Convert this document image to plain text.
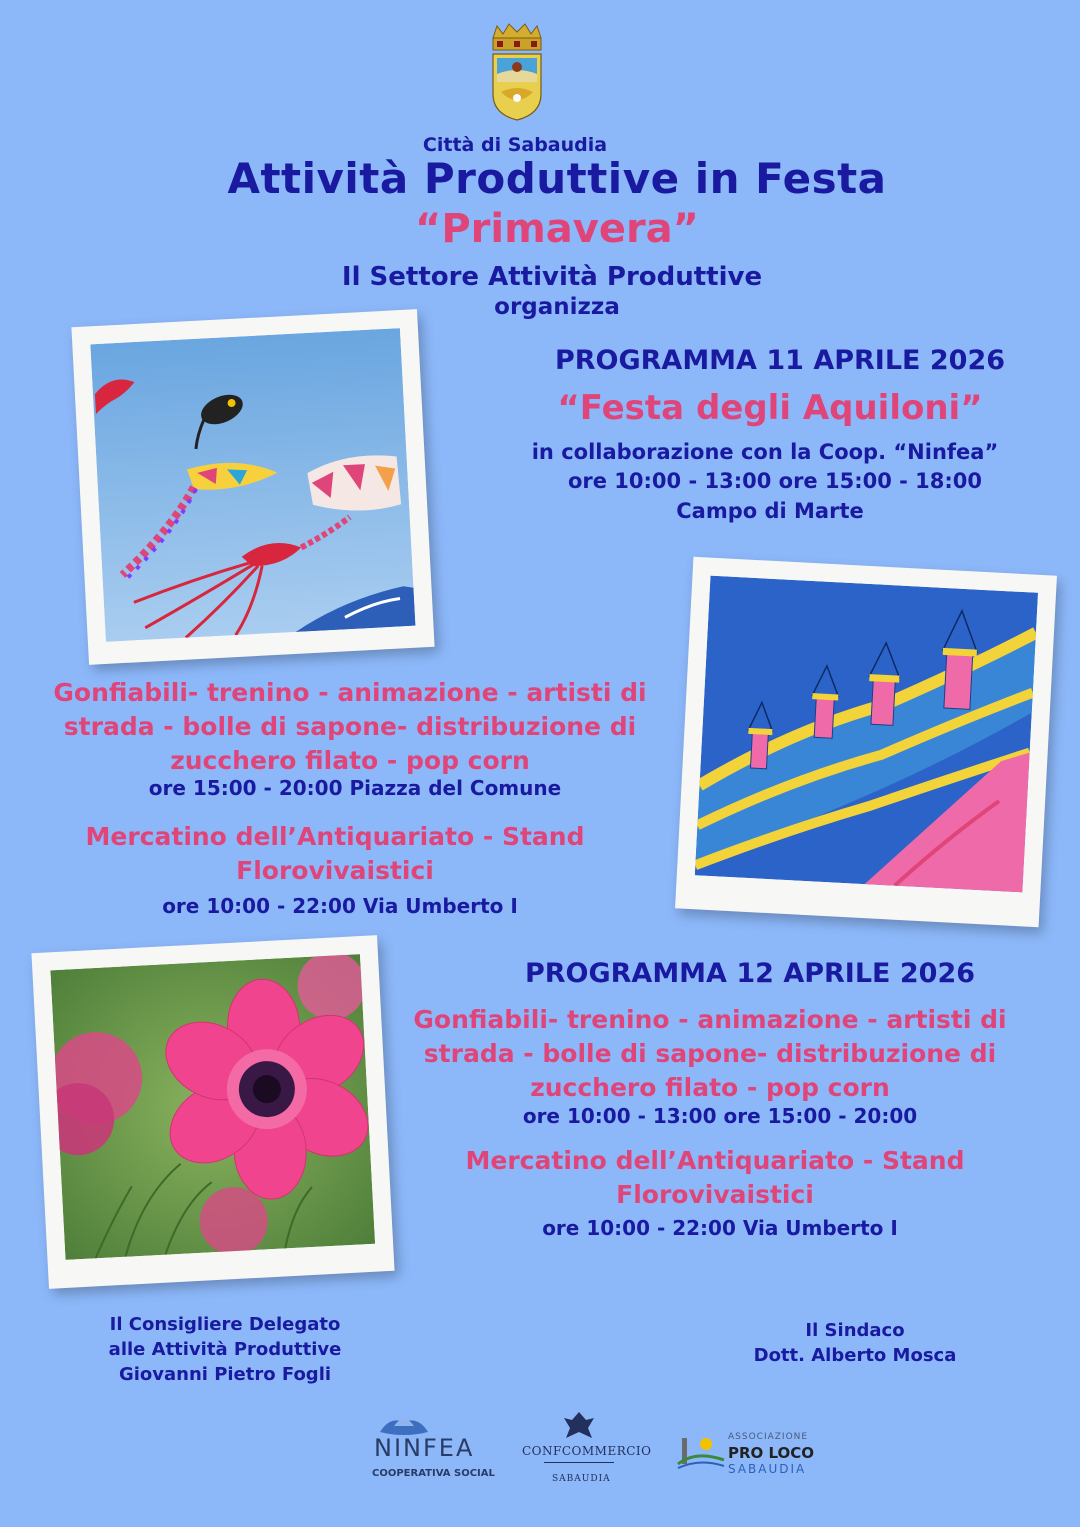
Città di Sabaudia
Attività Produttive in Festa
“Primavera”
Il Settore Attività Produttive
organizza
PROGRAMMA 11 APRILE 2026
“Festa degli Aquiloni”
in collaborazione con la Coop. “Ninfea”
ore 10:00 - 13:00 ore 15:00 - 18:00
Campo di Marte
Gonfiabili- trenino - animazione - artisti di
strada - bolle di sapone- distribuzione di
zucchero filato - pop corn
ore 15:00 - 20:00 Piazza del Comune
Mercatino dell’Antiquariato - Stand
Florovivaistici
ore 10:00 - 22:00 Via Umberto I
PROGRAMMA 12 APRILE 2026
Gonfiabili- trenino - animazione - artisti di
strada - bolle di sapone- distribuzione di
zucchero filato - pop corn
ore 10:00 - 13:00 ore 15:00 - 20:00
Mercatino dell’Antiquariato - Stand
Florovivaistici
ore 10:00 - 22:00 Via Umberto I
Il Consigliere Delegato
alle Attività Produttive
Giovanni Pietro Fogli
Il Sindaco
Dott. Alberto Mosca
NINFEA
COOPERATIVA SOCIAL
CONFCOMMERCIO
SABAUDIA
ASSOCIAZIONE
PRO LOCO
SABAUDIA
